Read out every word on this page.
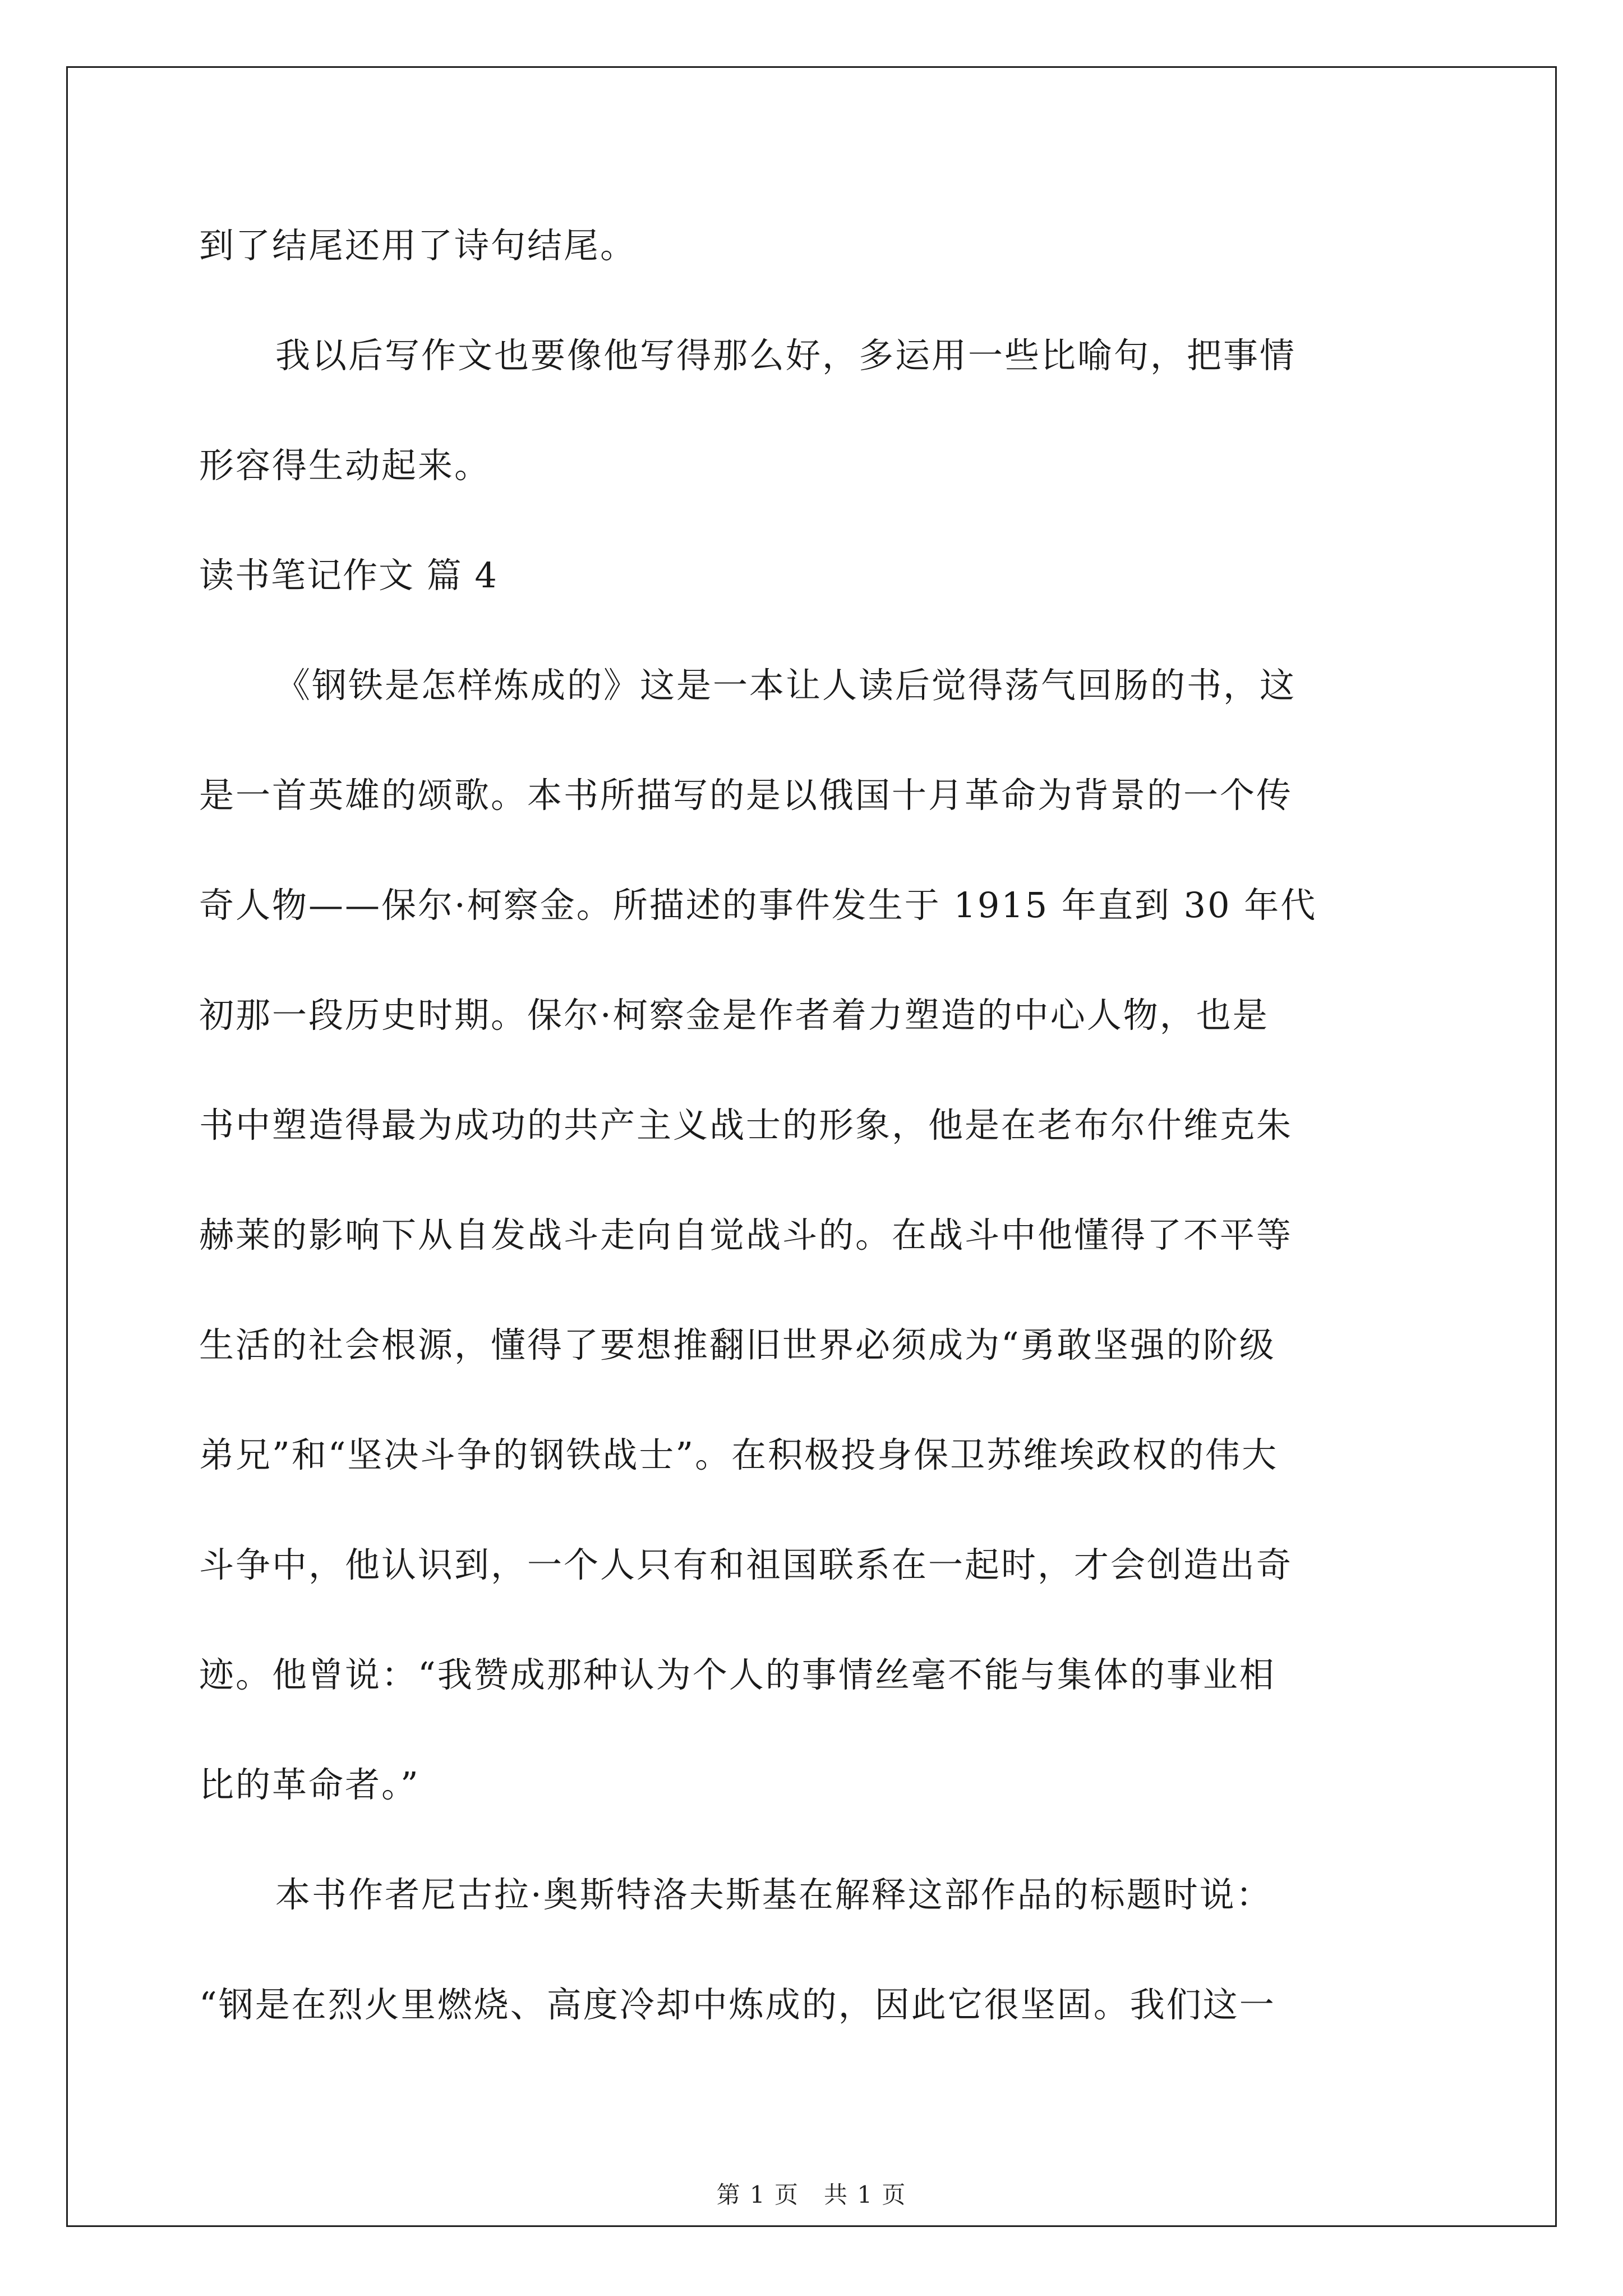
到了结尾还用了诗句结尾。
我以后写作文也要像他写得那么好，多运用一些比喻句，把事情
形容得生动起来。
读书笔记作文 篇 4
《钢铁是怎样炼成的》这是一本让人读后觉得荡气回肠的书，这
是一首英雄的颂歌。本书所描写的是以俄国十月革命为背景的一个传
奇人物——保尔·柯察金。所描述的事件发生于 1915 年直到 30 年代
初那一段历史时期。保尔·柯察金是作者着力塑造的中心人物，也是
书中塑造得最为成功的共产主义战士的形象，他是在老布尔什维克朱
赫莱的影响下从自发战斗走向自觉战斗的。在战斗中他懂得了不平等
生活的社会根源，懂得了要想推翻旧世界必须成为“勇敢坚强的阶级
弟兄”和“坚决斗争的钢铁战士”。在积极投身保卫苏维埃政权的伟大
斗争中，他认识到，一个人只有和祖国联系在一起时，才会创造出奇
迹。他曾说：“我赞成那种认为个人的事情丝毫不能与集体的事业相
比的革命者。”
本书作者尼古拉·奥斯特洛夫斯基在解释这部作品的标题时说：
“钢是在烈火里燃烧、高度冷却中炼成的，因此它很坚固。我们这一
第 1 页　共 1 页
